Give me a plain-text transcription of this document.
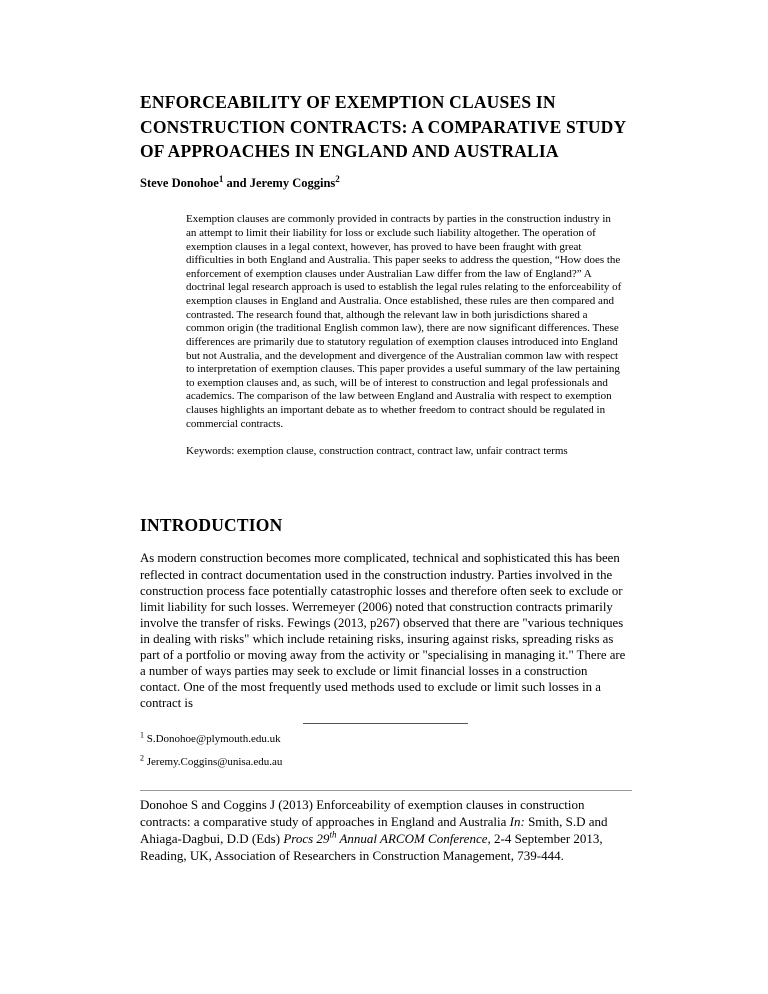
ENFORCEABILITY OF EXEMPTION CLAUSES IN CONSTRUCTION CONTRACTS: A COMPARATIVE STUDY OF APPROACHES IN ENGLAND AND AUSTRALIA

Steve Donohoe$^1$ and Jeremy Coggins$^2$

Exemption clauses are commonly provided in contracts by parties in the construction industry in an attempt to limit their liability for loss or exclude such liability altogether. The operation of exemption clauses in a legal context, however, has proved to have been fraught with great difficulties in both England and Australia. This paper seeks to address the question, “How does the enforcement of exemption clauses under Australian Law differ from the law of England?” A doctrinal legal research approach is used to establish the legal rules relating to the enforceability of exemption clauses in England and Australia. Once established, these rules are then compared and contrasted. The research found that, although the relevant law in both jurisdictions shared a common origin (the traditional English common law), there are now significant differences. These differences are primarily due to statutory regulation of exemption clauses introduced into England but not Australia, and the development and divergence of the Australian common law with respect to interpretation of exemption clauses. This paper provides a useful summary of the law pertaining to exemption clauses and, as such, will be of interest to construction and legal professionals and academics. The comparison of the law between England and Australia with respect to exemption clauses highlights an important debate as to whether freedom to contract should be regulated in commercial contracts.

Keywords: exemption clause, construction contract, contract law, unfair contract terms

INTRODUCTION

As modern construction becomes more complicated, technical and sophisticated this has been reflected in contract documentation used in the construction industry. Parties involved in the construction process face potentially catastrophic losses and therefore often seek to exclude or limit liability for such losses. Werremeyer (2006) noted that construction contracts primarily involve the transfer of risks. Fewings (2013, p267) observed that there are "various techniques in dealing with risks" which include retaining risks, insuring against risks, spreading risks as part of a portfolio or moving away from the activity or "specialising in managing it." There are a number of ways parties may seek to exclude or limit financial losses in a construction contact. One of the most frequently used methods used to exclude or limit such losses in a contract is

$^1$ S.Donohoe@plymouth.edu.uk

$^2$ Jeremy.Coggins@unisa.edu.au

Donohoe S and Coggins J (2013) Enforceability of exemption clauses in construction contracts: a comparative study of approaches in England and Australia In: Smith, S.D and Ahiaga-Dagbui, D.D (Eds) Procs 29th Annual ARCOM Conference, 2-4 September 2013, Reading, UK, Association of Researchers in Construction Management, 739-444.
